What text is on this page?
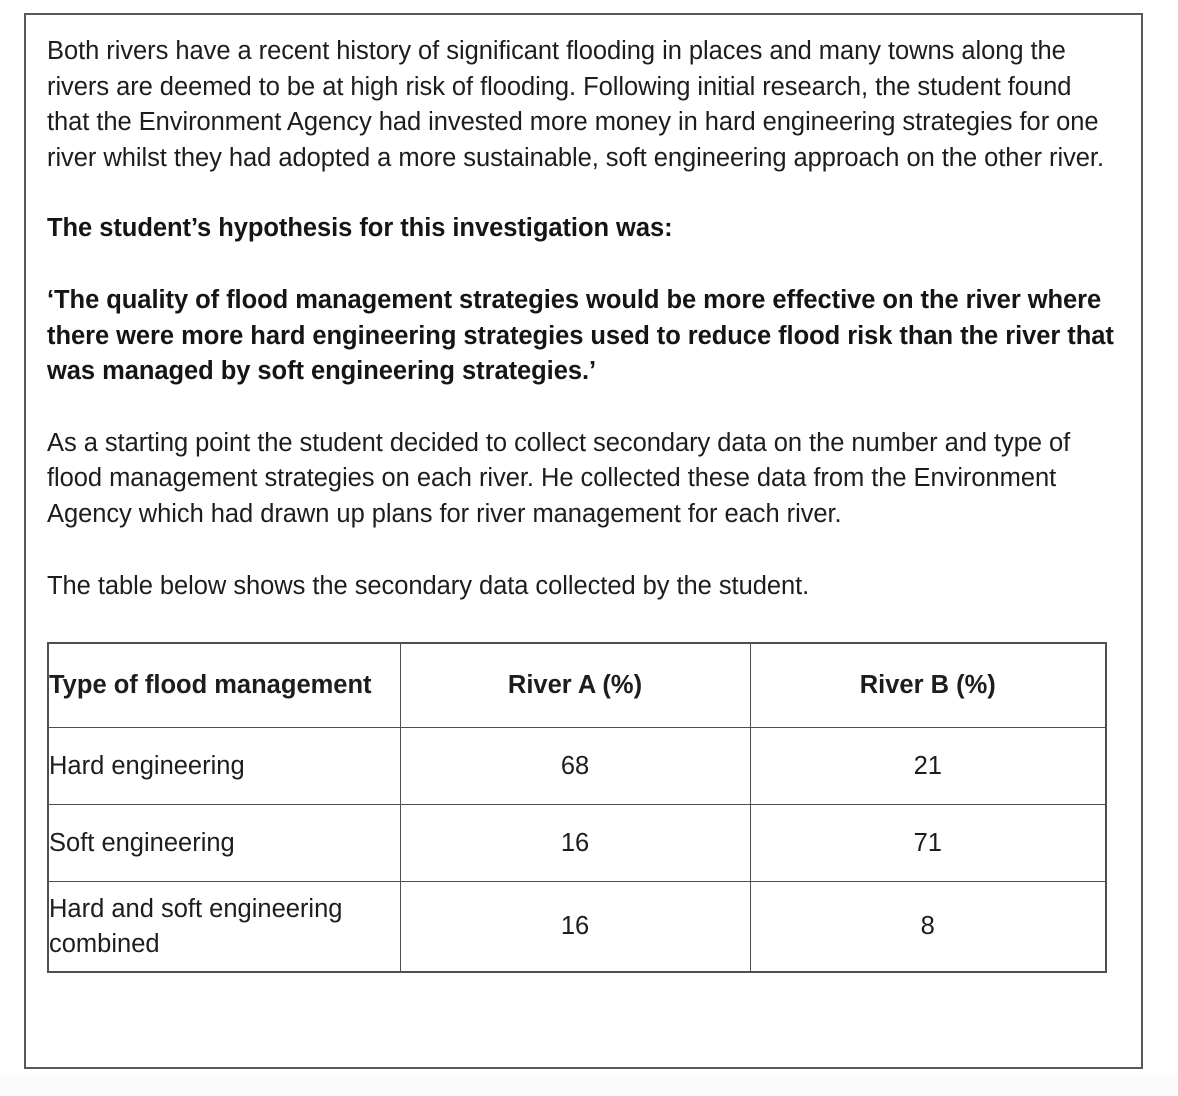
Both rivers have a recent history of significant flooding in places and many towns along the rivers are deemed to be at high risk of flooding. Following initial research, the student found that the Environment Agency had invested more money in hard engineering strategies for one river whilst they had adopted a more sustainable, soft engineering approach on the other river.

The student’s hypothesis for this investigation was:

‘The quality of flood management strategies would be more effective on the river where there were more hard engineering strategies used to reduce flood risk than the river that was managed by soft engineering strategies.’

As a starting point the student decided to collect secondary data on the number and type of flood management strategies on each river. He collected these data from the Environment Agency which had drawn up plans for river management for each river.

The table below shows the secondary data collected by the student.

Type of flood management	River A (%)	River B (%)
Hard engineering	68	21
Soft engineering	16	71
Hard and soft engineering combined	16	8
